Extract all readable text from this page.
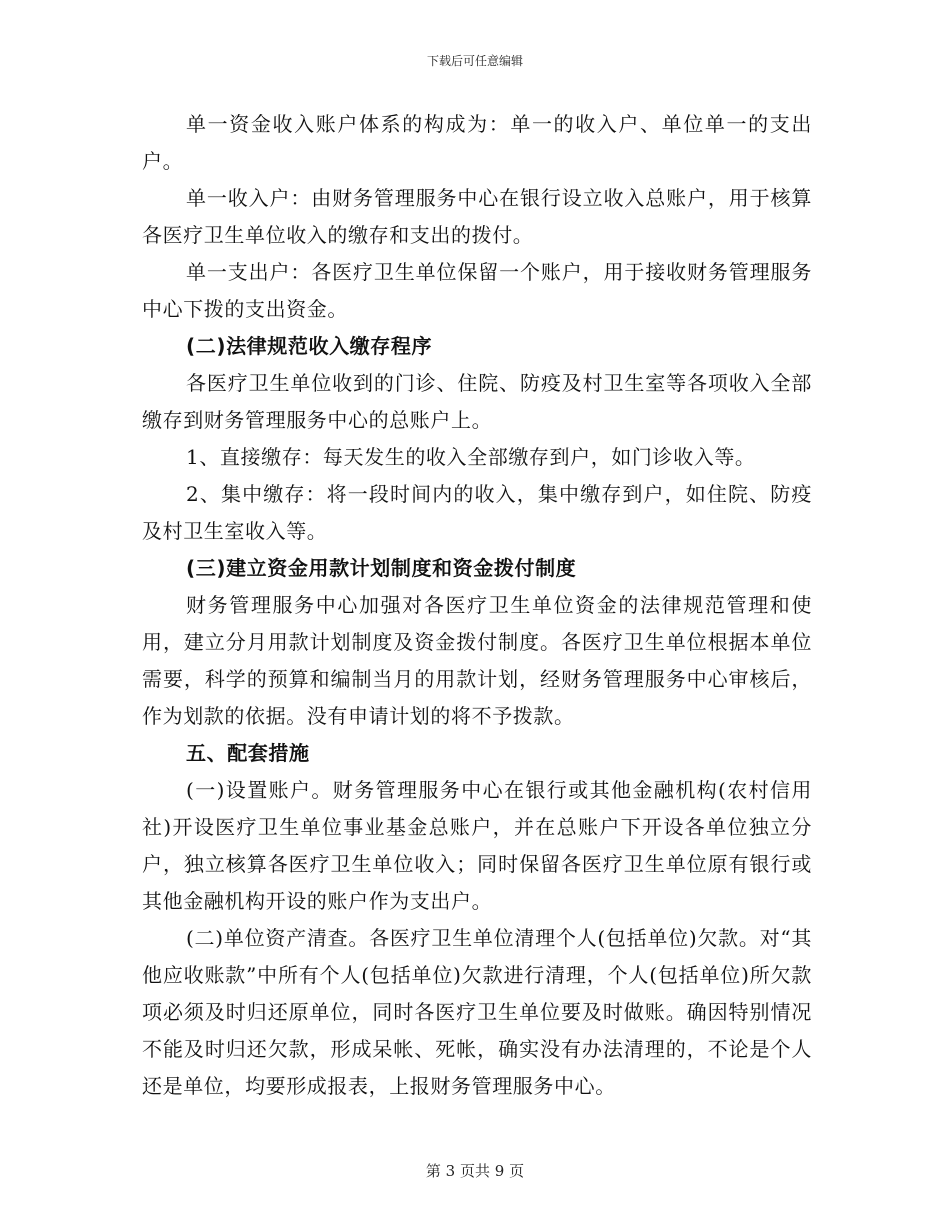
下载后可任意编辑

单一资金收入账户体系的构成为：单一的收入户、单位单一的支出户。

单一收入户：由财务管理服务中心在银行设立收入总账户，用于核算各医疗卫生单位收入的缴存和支出的拨付。

单一支出户：各医疗卫生单位保留一个账户，用于接收财务管理服务中心下拨的支出资金。

(二)法律规范收入缴存程序

各医疗卫生单位收到的门诊、住院、防疫及村卫生室等各项收入全部缴存到财务管理服务中心的总账户上。

1、直接缴存：每天发生的收入全部缴存到户，如门诊收入等。

2、集中缴存：将一段时间内的收入，集中缴存到户，如住院、防疫及村卫生室收入等。

(三)建立资金用款计划制度和资金拨付制度

财务管理服务中心加强对各医疗卫生单位资金的法律规范管理和使用，建立分月用款计划制度及资金拨付制度。各医疗卫生单位根据本单位需要，科学的预算和编制当月的用款计划，经财务管理服务中心审核后，作为划款的依据。没有申请计划的将不予拨款。

五、配套措施

(一)设置账户。财务管理服务中心在银行或其他金融机构(农村信用社)开设医疗卫生单位事业基金总账户，并在总账户下开设各单位独立分户，独立核算各医疗卫生单位收入；同时保留各医疗卫生单位原有银行或其他金融机构开设的账户作为支出户。

(二)单位资产清查。各医疗卫生单位清理个人(包括单位)欠款。对“其他应收账款”中所有个人(包括单位)欠款进行清理，个人(包括单位)所欠款项必须及时归还原单位，同时各医疗卫生单位要及时做账。确因特别情况不能及时归还欠款，形成呆帐、死帐，确实没有办法清理的，不论是个人还是单位，均要形成报表，上报财务管理服务中心。

第 3 页共 9 页
